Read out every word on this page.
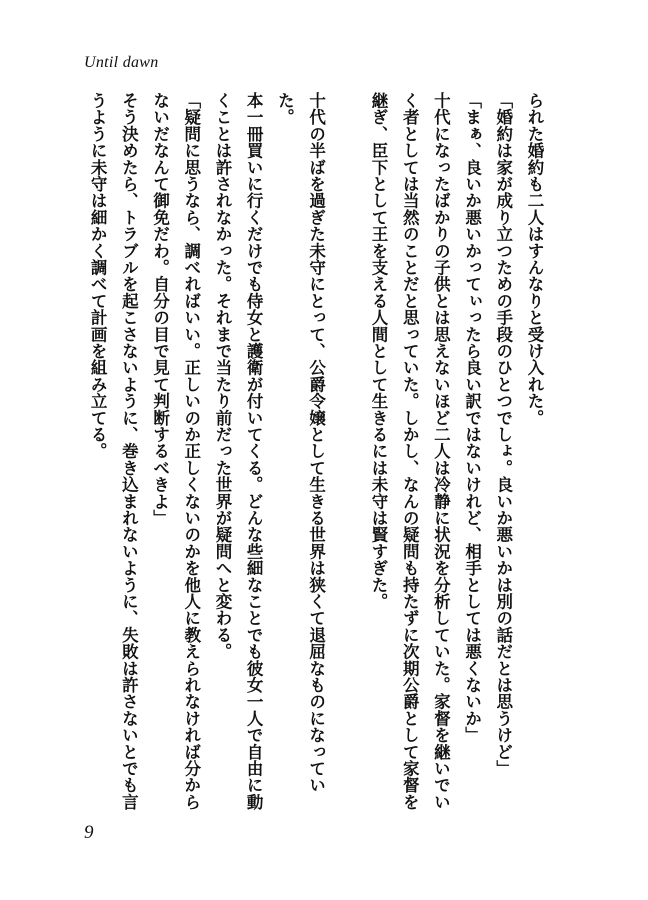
Until dawn

られた婚約も二人はすんなりと受け入れた。

「婚約は家が成り立つための手段のひとつでしょ。良いか悪いかは別の話だとは思うけど」

「まぁ、良いか悪いかってぃったら良い訳ではないけれど、相手としては悪くないか」

十代になったばかりの子供とは思えないほど二人は冷静に状況を分析していた。家督を継いでいく者としては当然のことだと思っていた。しかし、なんの疑問も持たずに次期公爵として家督を継ぎ、臣下として王を支える人間として生きるには未守は賢すぎた。

十代の半ばを過ぎた未守にとって、公爵令嬢として生きる世界は狭くて退屈なものになっていた。

本一冊買いに行くだけでも侍女と護衛が付いてくる。どんな些細なことでも彼女一人で自由に動くことは許されなかった。それまで当たり前だった世界が疑問へと変わる。

「疑問に思うなら、調べればいい。正しいのか正しくないのかを他人に教えられなければ分からないだなんて御免だわ。自分の目で見て判断するべきよ」

そう決めたら、トラブルを起こさないように、巻き込まれないように、失敗は許さないとでも言うように未守は細かく調べて計画を組み立てる。

9
